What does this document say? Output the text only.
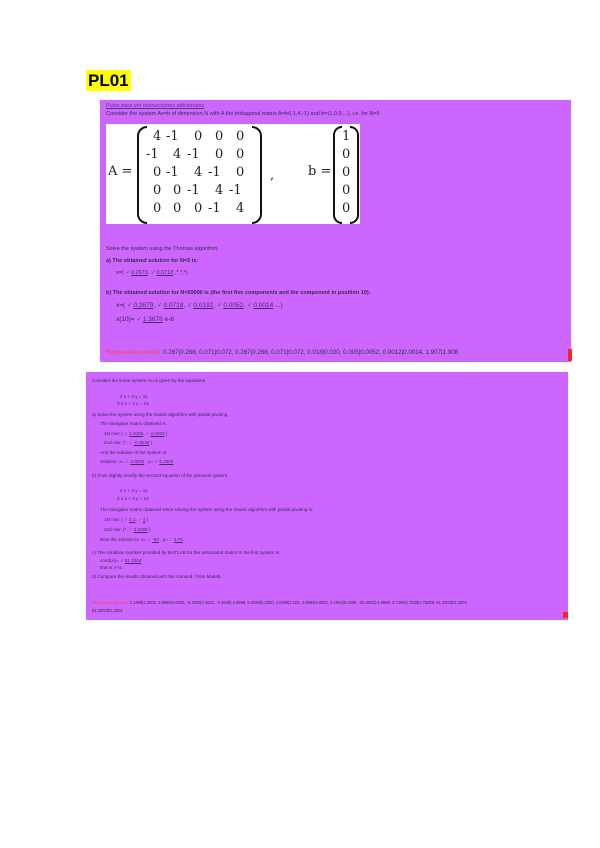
PL01
Pulse para ver instrucciones adicionales
Consider the system Ax=b of dimension N with A the tridiagonal matrix A=tri(-1,4,-1) and b=(1,0,0,...), i.e. for N=5
A =
4 -1 0 0 0
-1 4 -1 0 0
0 -1 4 -1 0
0 0 -1 4 -1
0 0 0 -1 4
,	b =
1
0
0
0
0
Solve the system using the Thomas algorithm.
a) The obtained solution for N=5 is:
x=( ✓0.2679, ✓0.0718 ,*,*,*)
b) The obtained solution for N=50000 is (the first five components and the component in position 10):
x=( ✓0.2679, ✓0.0718, ✓0.0192, ✓0.0052, ✓0.0014 ...)
x(10)= ✓1.3678 e-6
Respuesta correcta: 0.267|0.268, 0.071|0.072, 0.267|0.268, 0.071|0.072, 0.018|0.020, 0.005|0.0052, 0.0012|0.0014, 1.907|1.908
Consider the linear system Ax=b given by the equations
2 x + 4 y = 11
3.2 x + 4 y = 16
a) Solve the system using the Gauss algorithm with partial pivoting.
The triangular matrix obtained is:
1st row: ( ✓2.2000, ✓4.0000 )
2nd row: (*, ✓-0.3636 )
And the solution of the system is:
Solution: x= ✓3.0000 , y= ✓5.2500
b) If we slightly modify the second equation of the previous system,
2 x + 4 y = 11
2.1 x + 4 y = 16
The triangular matrix obtained when solving the system using the Gauss algorithm with partial pivoting is:
1st row: ( ✓2.1, ✓4 )
2nd row: (*, ✓0.1905 )
Now the solution is: x= ✓-50 , y= ✓3.75
c) The condition number provided by MATLAB for the associated matrix to the first system is:
cond(A)= ✓51.3304
that is >>1.
d) Compare the results obtained with the comand \ from Matlab.
Respuesta correcta: 2.1999|2.2000, 3.9999|4.0000, -0.3635|0.3631, -0.3635|-4.9999, 5.2499|5.2500, 2.0999|2.105, 3.9999|4.0001, 0.1904|0.1906, -50.0002|-4.9999, 3.7499|3.7500|1.75005, 51.3303|51.3304
51.3303|51.3304
